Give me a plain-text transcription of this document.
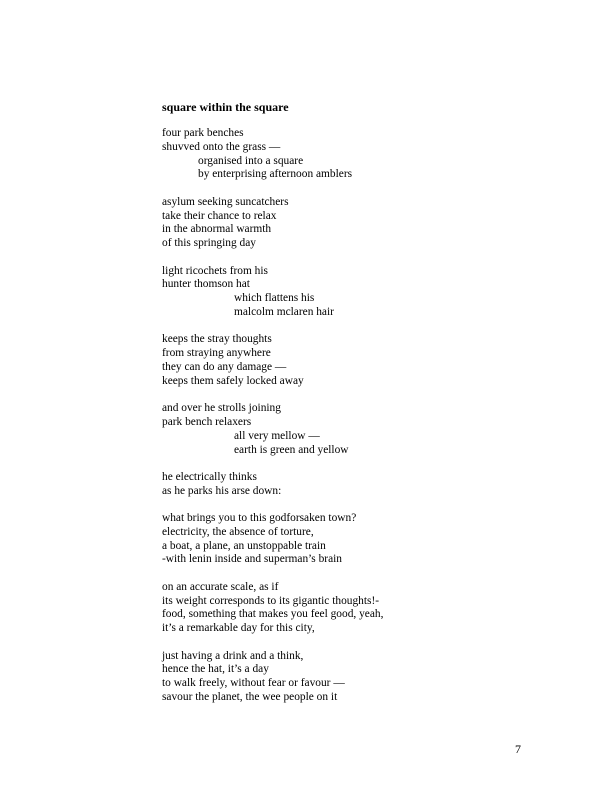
square within the square
four park benches
shuvved onto the grass —
organised into a square
by enterprising afternoon amblers
asylum seeking suncatchers
take their chance to relax
in the abnormal warmth
of this springing day
light ricochets from his
hunter thomson hat
which flattens his
malcolm mclaren hair
keeps the stray thoughts
from straying anywhere
they can do any damage —
keeps them safely locked away
and over he strolls joining
park bench relaxers
all very mellow —
earth is green and yellow
he electrically thinks
as he parks his arse down:
what brings you to this godforsaken town?
electricity, the absence of torture,
a boat, a plane, an unstoppable train
-with lenin inside and superman’s brain
on an accurate scale, as if
its weight corresponds to its gigantic thoughts!-
food, something that makes you feel good, yeah,
it’s a remarkable day for this city,
just having a drink and a think,
hence the hat, it’s a day
to walk freely, without fear or favour —
savour the planet, the wee people on it
7
